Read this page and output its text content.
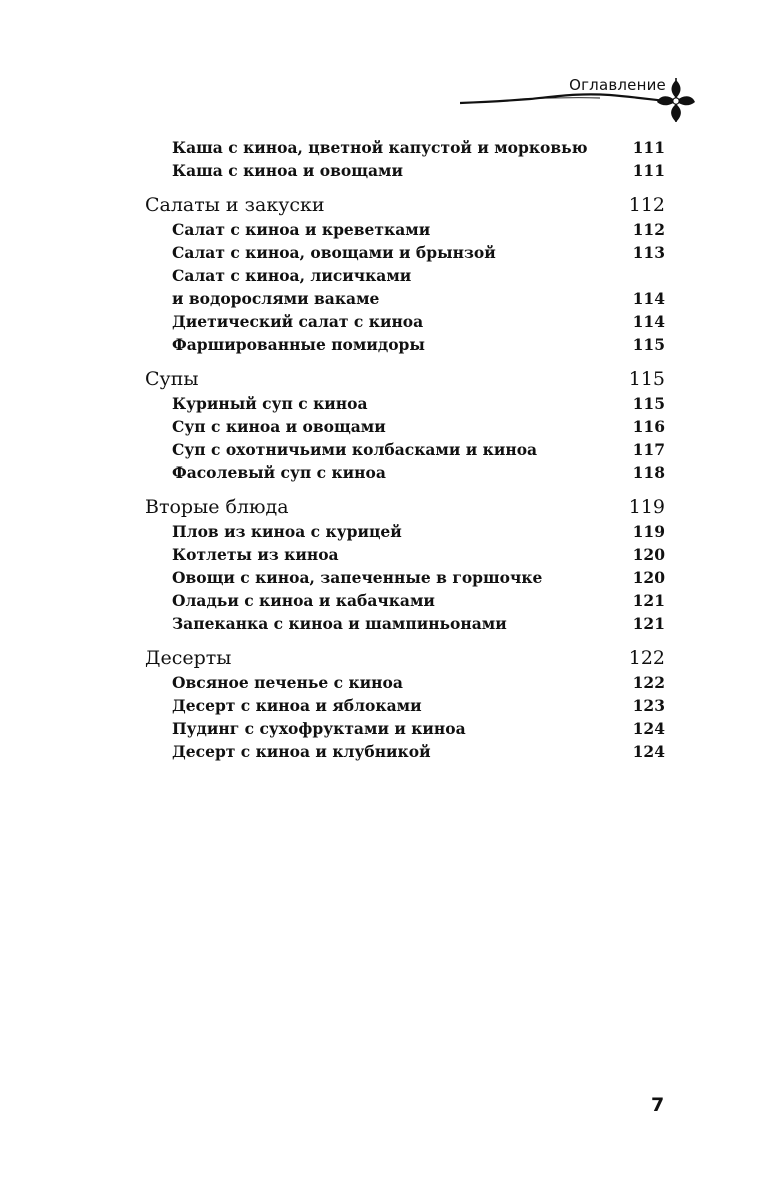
Оглавление
Каша с киноа, цветной капустой и морковью	111
Каша с киноа и овощами	111
Салаты и закуски	112
Салат с киноа и креветками	112
Салат с киноа, овощами и брынзой	113
Салат с киноа, лисичками
и водорослями вакаме	114
Диетический салат с киноа	114
Фаршированные помидоры	115
Супы	115
Куриный суп с киноа	115
Суп с киноа и овощами	116
Суп с охотничьими колбасками и киноа	117
Фасолевый суп с киноа	118
Вторые блюда	119
Плов из киноа с курицей	119
Котлеты из киноа	120
Овощи с киноа, запеченные в горшочке	120
Оладьи с киноа и кабачками	121
Запеканка с киноа и шампиньонами	121
Десерты	122
Овсяное печенье с киноа	122
Десерт с киноа и яблоками	123
Пудинг с сухофруктами и киноа	124
Десерт с киноа и клубникой	124
7
